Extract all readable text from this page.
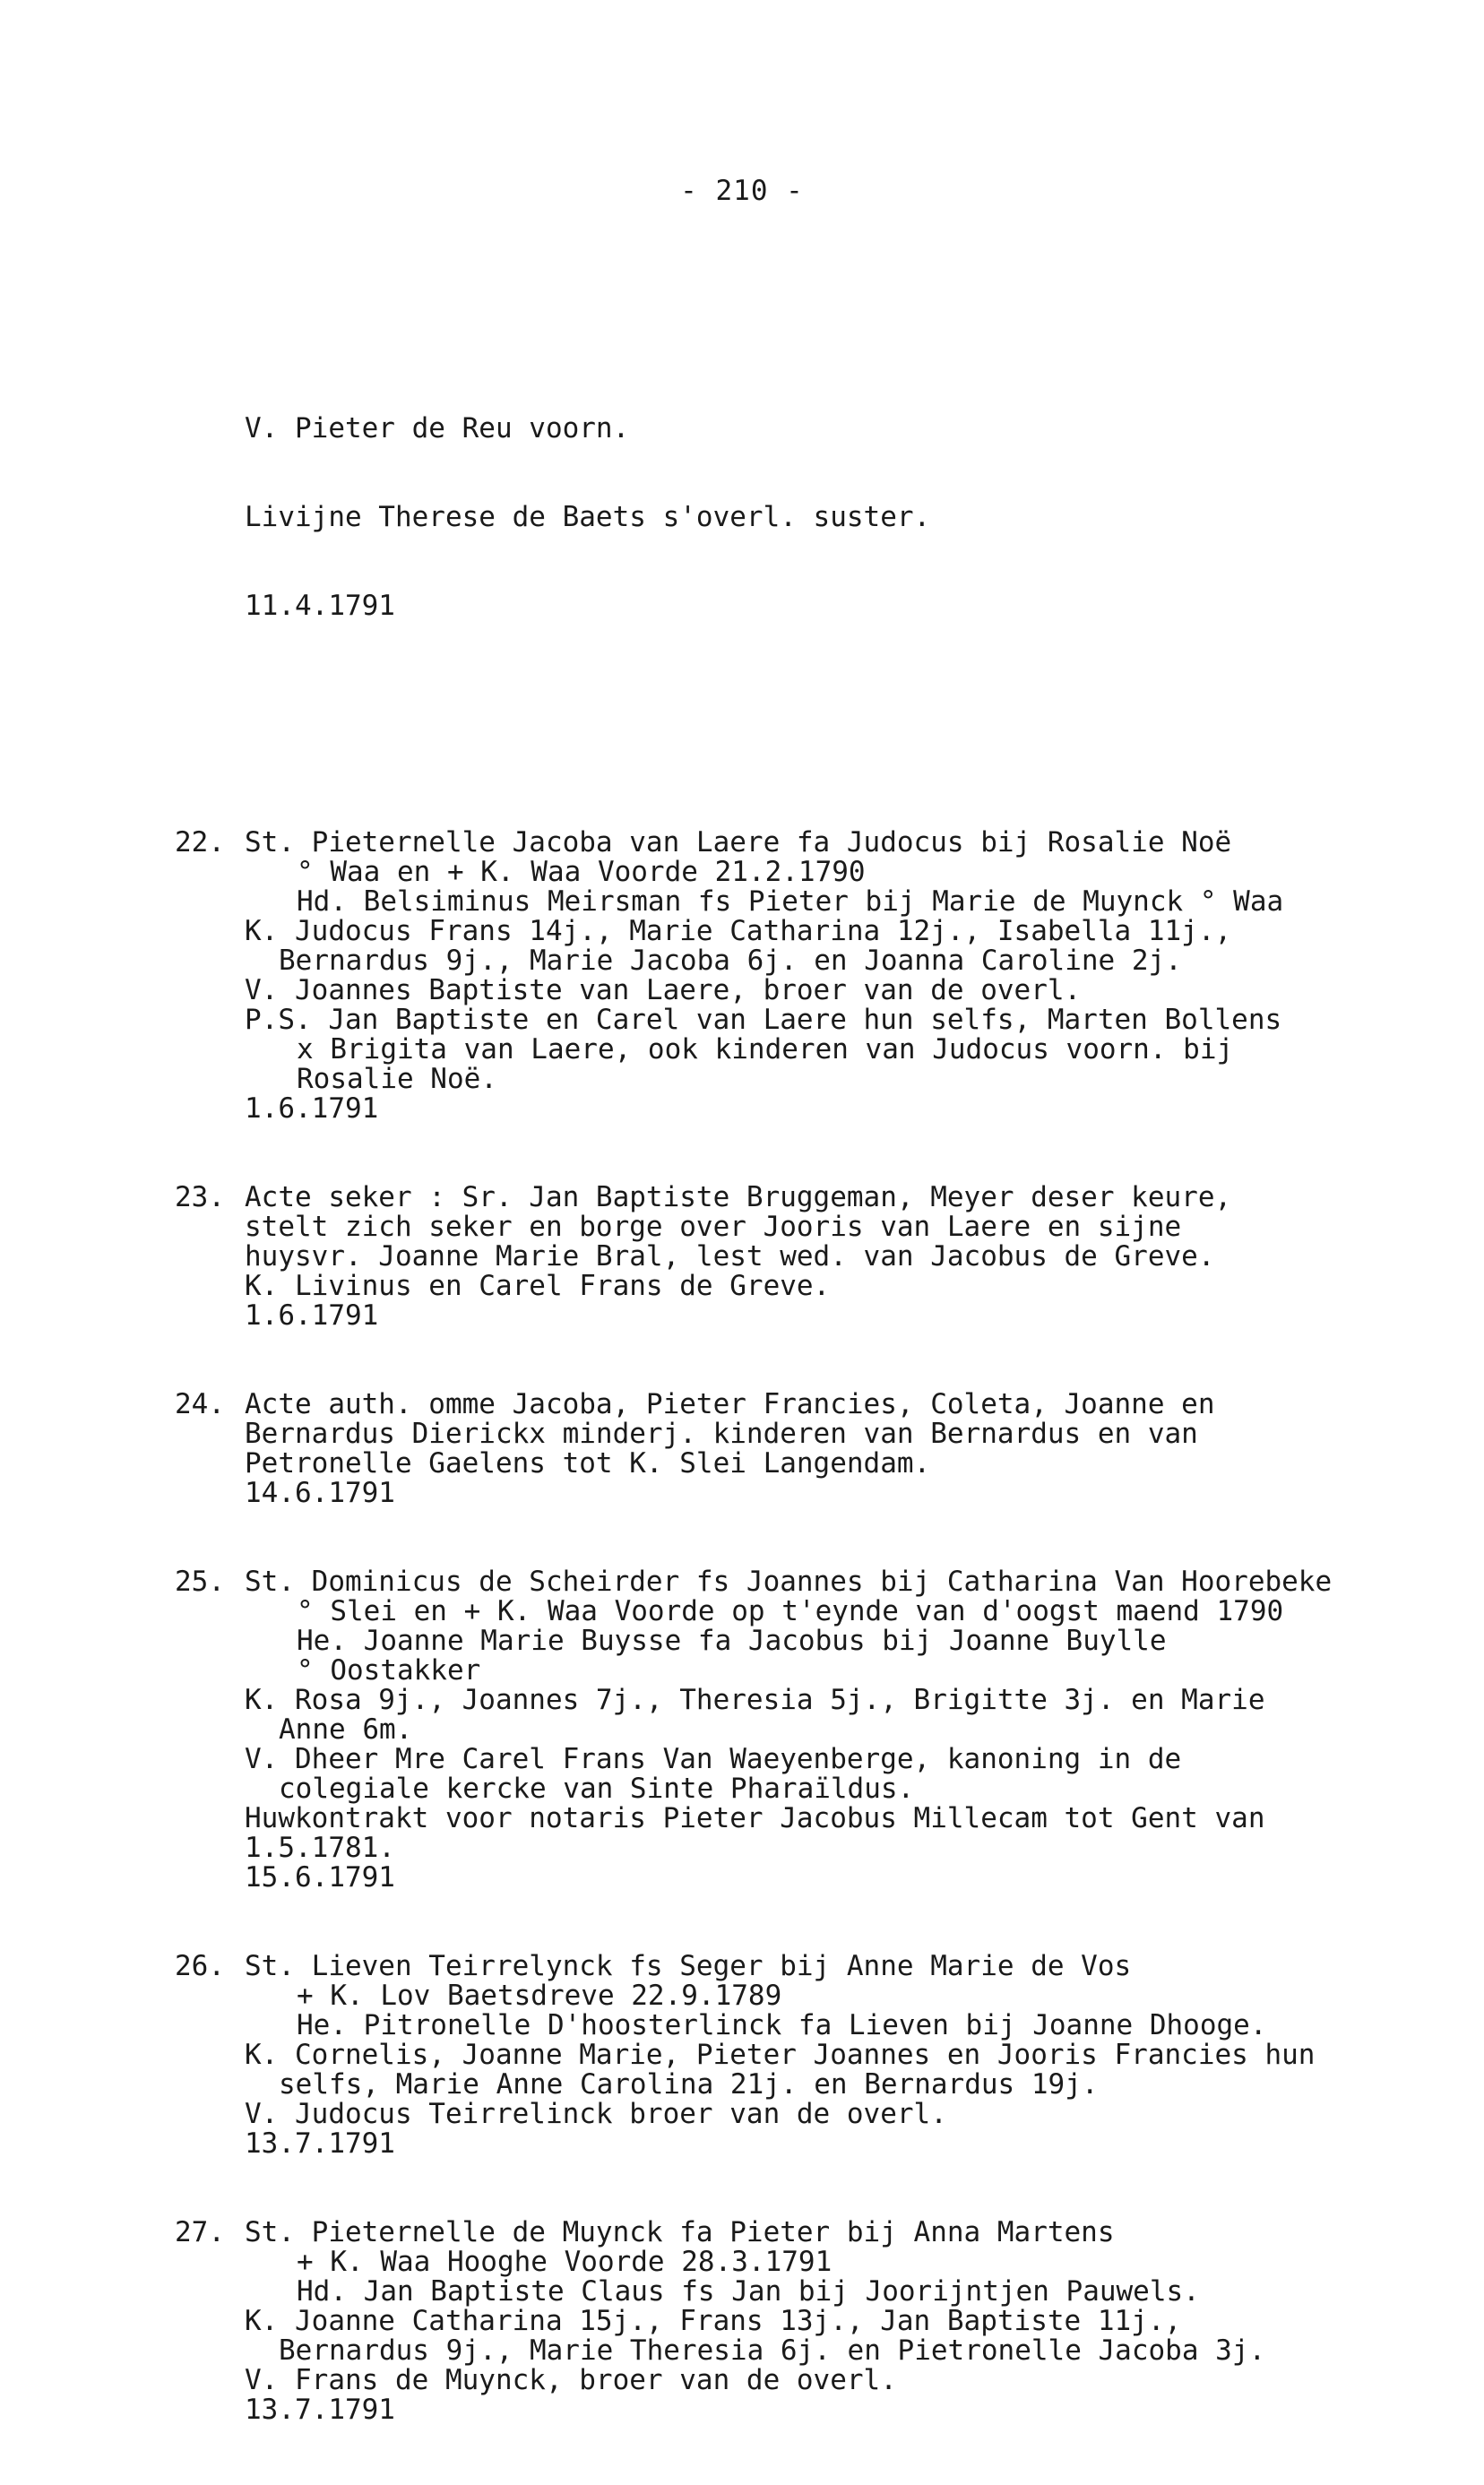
- 210 -

V. Pieter de Reu voorn.

Livijne Therese de Baets s'overl. suster.

11.4.1791

22. St. Pieternelle Jacoba van Laere fa Judocus bij Rosalie Noë
° Waa en + K. Waa Voorde 21.2.1790
Hd. Belsiminus Meirsman fs Pieter bij Marie de Muynck ° Waa
K. Judocus Frans 14j., Marie Catharina 12j., Isabella 11j.,
Bernardus 9j., Marie Jacoba 6j. en Joanna Caroline 2j.
V. Joannes Baptiste van Laere, broer van de overl.
P.S. Jan Baptiste en Carel van Laere hun selfs, Marten Bollens
x Brigita van Laere, ook kinderen van Judocus voorn. bij
Rosalie Noë.
1.6.1791
23. Acte seker : Sr. Jan Baptiste Bruggeman, Meyer deser keure,
stelt zich seker en borge over Jooris van Laere en sijne
huysvr. Joanne Marie Bral, lest wed. van Jacobus de Greve.
K. Livinus en Carel Frans de Greve.
1.6.1791
24. Acte auth. omme Jacoba, Pieter Francies, Coleta, Joanne en
Bernardus Dierickx minderj. kinderen van Bernardus en van
Petronelle Gaelens tot K. Slei Langendam.
14.6.1791
25. St. Dominicus de Scheirder fs Joannes bij Catharina Van Hoorebeke
° Slei en + K. Waa Voorde op t'eynde van d'oogst maend 1790
He. Joanne Marie Buysse fa Jacobus bij Joanne Buylle
° Oostakker
K. Rosa 9j., Joannes 7j., Theresia 5j., Brigitte 3j. en Marie
Anne 6m.
V. Dheer Mre Carel Frans Van Waeyenberge, kanoning in de
colegiale kercke van Sinte Pharaïldus.
Huwkontrakt voor notaris Pieter Jacobus Millecam tot Gent van
1.5.1781.
15.6.1791
26. St. Lieven Teirrelynck fs Seger bij Anne Marie de Vos
+ K. Lov Baetsdreve 22.9.1789
He. Pitronelle D'hoosterlinck fa Lieven bij Joanne Dhooge.
K. Cornelis, Joanne Marie, Pieter Joannes en Jooris Francies hun
selfs, Marie Anne Carolina 21j. en Bernardus 19j.
V. Judocus Teirrelinck broer van de overl.
13.7.1791
27. St. Pieternelle de Muynck fa Pieter bij Anna Martens
+ K. Waa Hooghe Voorde 28.3.1791
Hd. Jan Baptiste Claus fs Jan bij Joorijntjen Pauwels.
K. Joanne Catharina 15j., Frans 13j., Jan Baptiste 11j.,
Bernardus 9j., Marie Theresia 6j. en Pietronelle Jacoba 3j.
V. Frans de Muynck, broer van de overl.
13.7.1791
